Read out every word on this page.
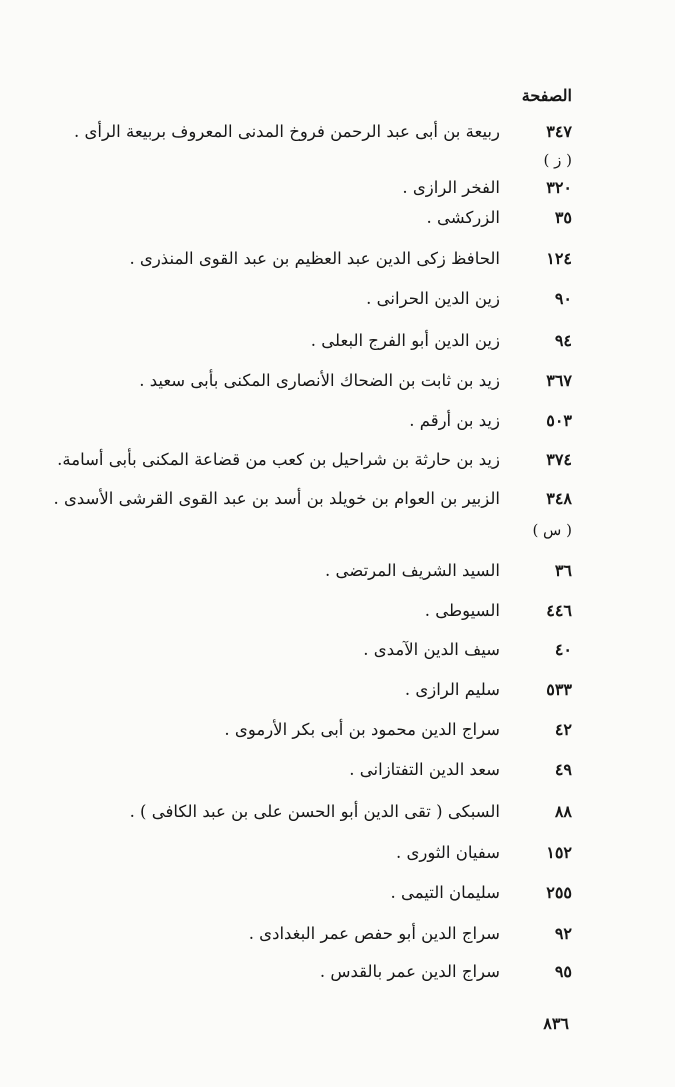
الصفحة
٣٤٧
ربيعة بن أبى عبد الرحمن فروخ المدنى المعروف بربيعة الرأى .
( ز )
٣٢٠
الفخر الرازى .
٣٥
الزركشى .
١٢٤
الحافظ زكى الدين عبد العظيم بن عبد القوى المنذرى .
٩٠
زين الدين الحرانى .
٩٤
زين الدين أبو الفرج البعلى .
٣٦٧
زيد بن ثابت بن الضحاك الأنصارى المكنى بأبى سعيد .
٥٠٣
زيد بن أرقم .
٣٧٤
زيد بن حارثة بن شراحيل بن كعب من قضاعة المكنى بأبى أسامة.
٣٤٨
الزبير بن العوام بن خويلد بن أسد بن عبد القوى القرشى الأسدى .
( س )
٣٦
السيد الشريف المرتضى .
٤٤٦
السيوطى .
٤٠
سيف الدين الآمدى .
٥٣٣
سليم الرازى .
٤٢
سراج الدين محمود بن أبى بكر الأرموى .
٤٩
سعد الدين التفتازانى .
٨٨
السبكى ( تقى الدين أبو الحسن على بن عبد الكافى ) .
١٥٢
سفيان الثورى .
٢٥٥
سليمان التيمى .
٩٢
سراج الدين أبو حفص عمر البغدادى .
٩٥
سراج الدين عمر بالقدس .
٨٣٦
